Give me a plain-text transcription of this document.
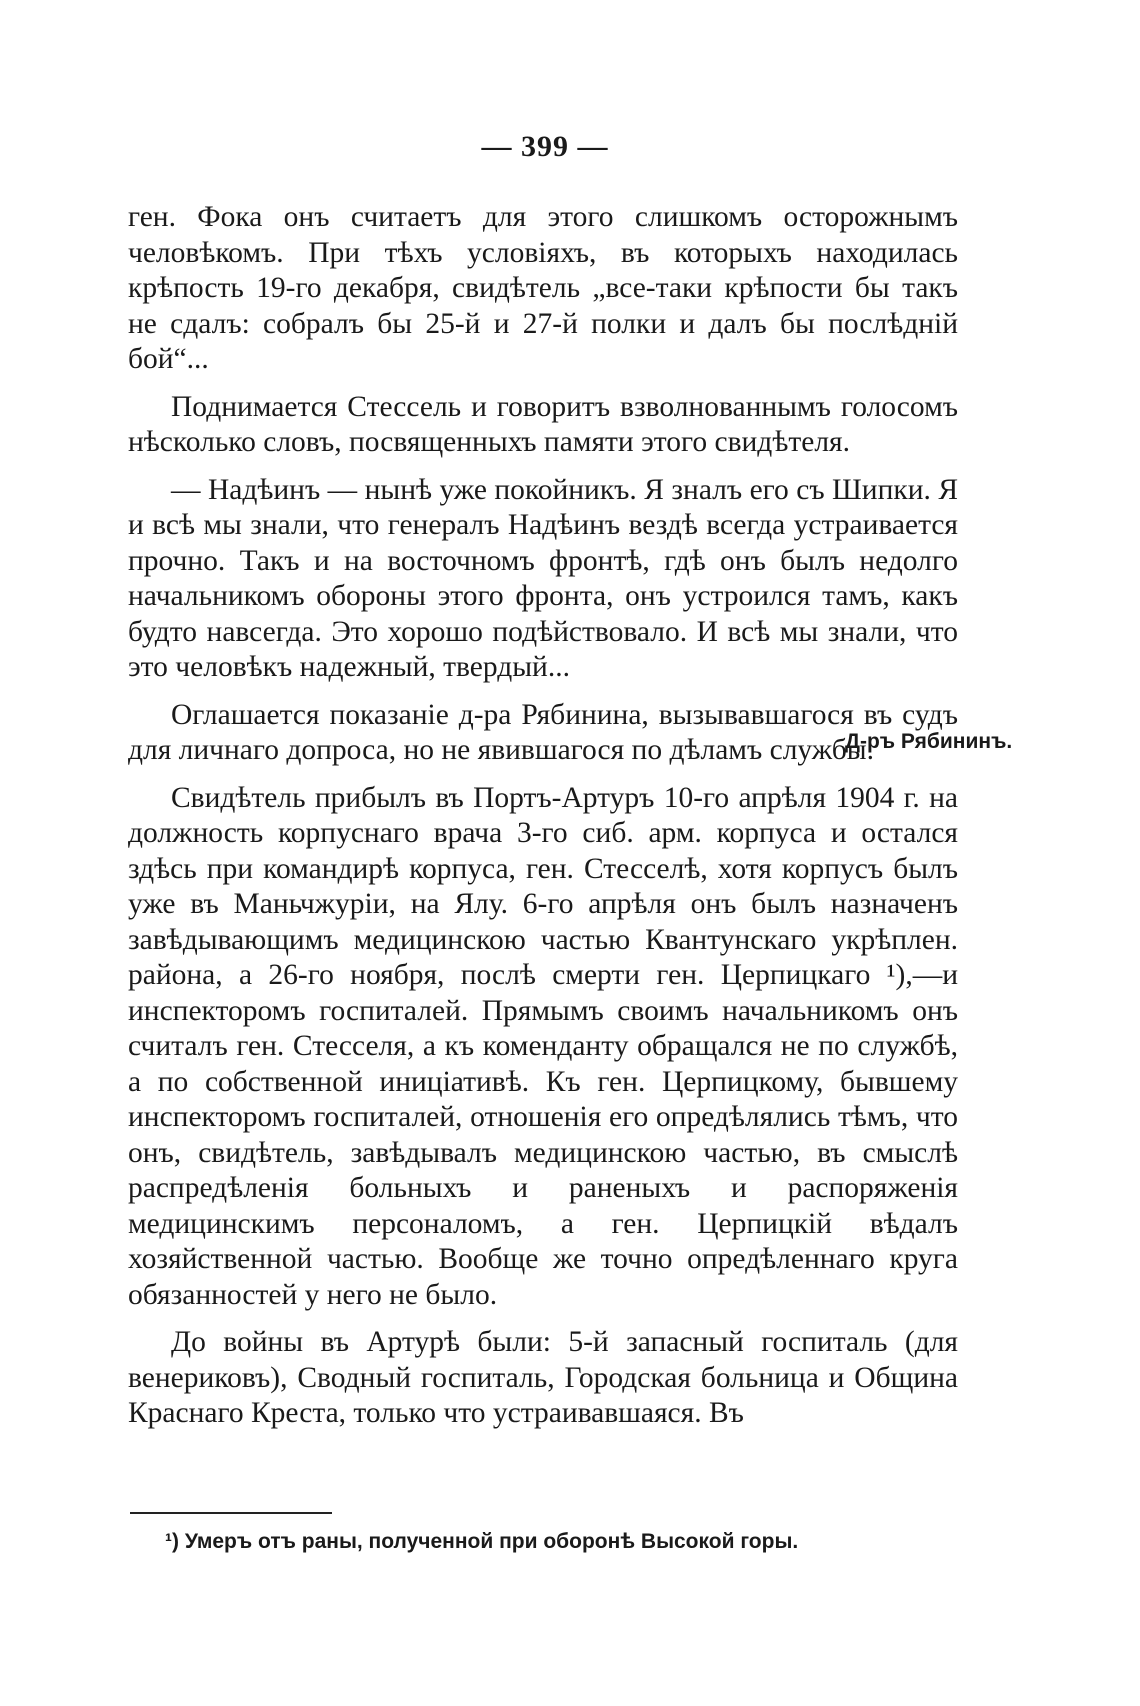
— 399 —

ген. Фока онъ считаетъ для этого слишкомъ осторожнымъ человѣкомъ. При тѣхъ условіяхъ, въ которыхъ находилась крѣпость 19-го декабря, свидѣтель „все-таки крѣпости бы такъ не сдалъ: собралъ бы 25-й и 27-й полки и далъ бы послѣдній бой“...

Поднимается Стессель и говоритъ взволнованнымъ голосомъ нѣсколько словъ, посвященныхъ памяти этого свидѣтеля.

— Надѣинъ — нынѣ уже покойникъ. Я зналъ его съ Шипки. Я и всѣ мы знали, что генералъ Надѣинъ вездѣ всегда устраивается прочно. Такъ и на восточномъ фронтѣ, гдѣ онъ былъ недолго начальникомъ обороны этого фронта, онъ устроился тамъ, какъ будто навсегда. Это хорошо подѣйствовало. И всѣ мы знали, что это человѣкъ надежный, твердый...

Оглашается показаніе д-ра Рябинина, вызывавшагося въ судъ для личнаго допроса, но не явившагося по дѣламъ службы.

Свидѣтель прибылъ въ Портъ-Артуръ 10-го апрѣля 1904 г. на должность корпуснаго врача 3-го сиб. арм. корпуса и остался здѣсь при командирѣ корпуса, ген. Стесселѣ, хотя корпусъ былъ уже въ Маньчжуріи, на Ялу. 6-го апрѣля онъ былъ назначенъ завѣдывающимъ медицинскою частью Квантунскаго укрѣплен. района, а 26-го ноября, послѣ смерти ген. Церпицкаго ¹),—и инспекторомъ госпиталей. Прямымъ своимъ начальникомъ онъ считалъ ген. Стесселя, а къ коменданту обращался не по службѣ, а по собственной иниціативѣ. Къ ген. Церпицкому, бывшему инспекторомъ госпиталей, отношенія его опредѣлялись тѣмъ, что онъ, свидѣтель, завѣдывалъ медицинскою частью, въ смыслѣ распредѣленія больныхъ и раненыхъ и распоряженія медицинскимъ персоналомъ, а ген. Церпицкій вѣдалъ хозяйственной частью. Вообще же точно опредѣленнаго круга обязанностей у него не было.

До войны въ Артурѣ были: 5-й запасный госпиталь (для венериковъ), Сводный госпиталь, Городская больница и Община Краснаго Креста, только что устраивавшаяся. Въ

Д-ръ Рябининъ.
¹) Умеръ отъ раны, полученной при оборонѣ Высокой горы.
